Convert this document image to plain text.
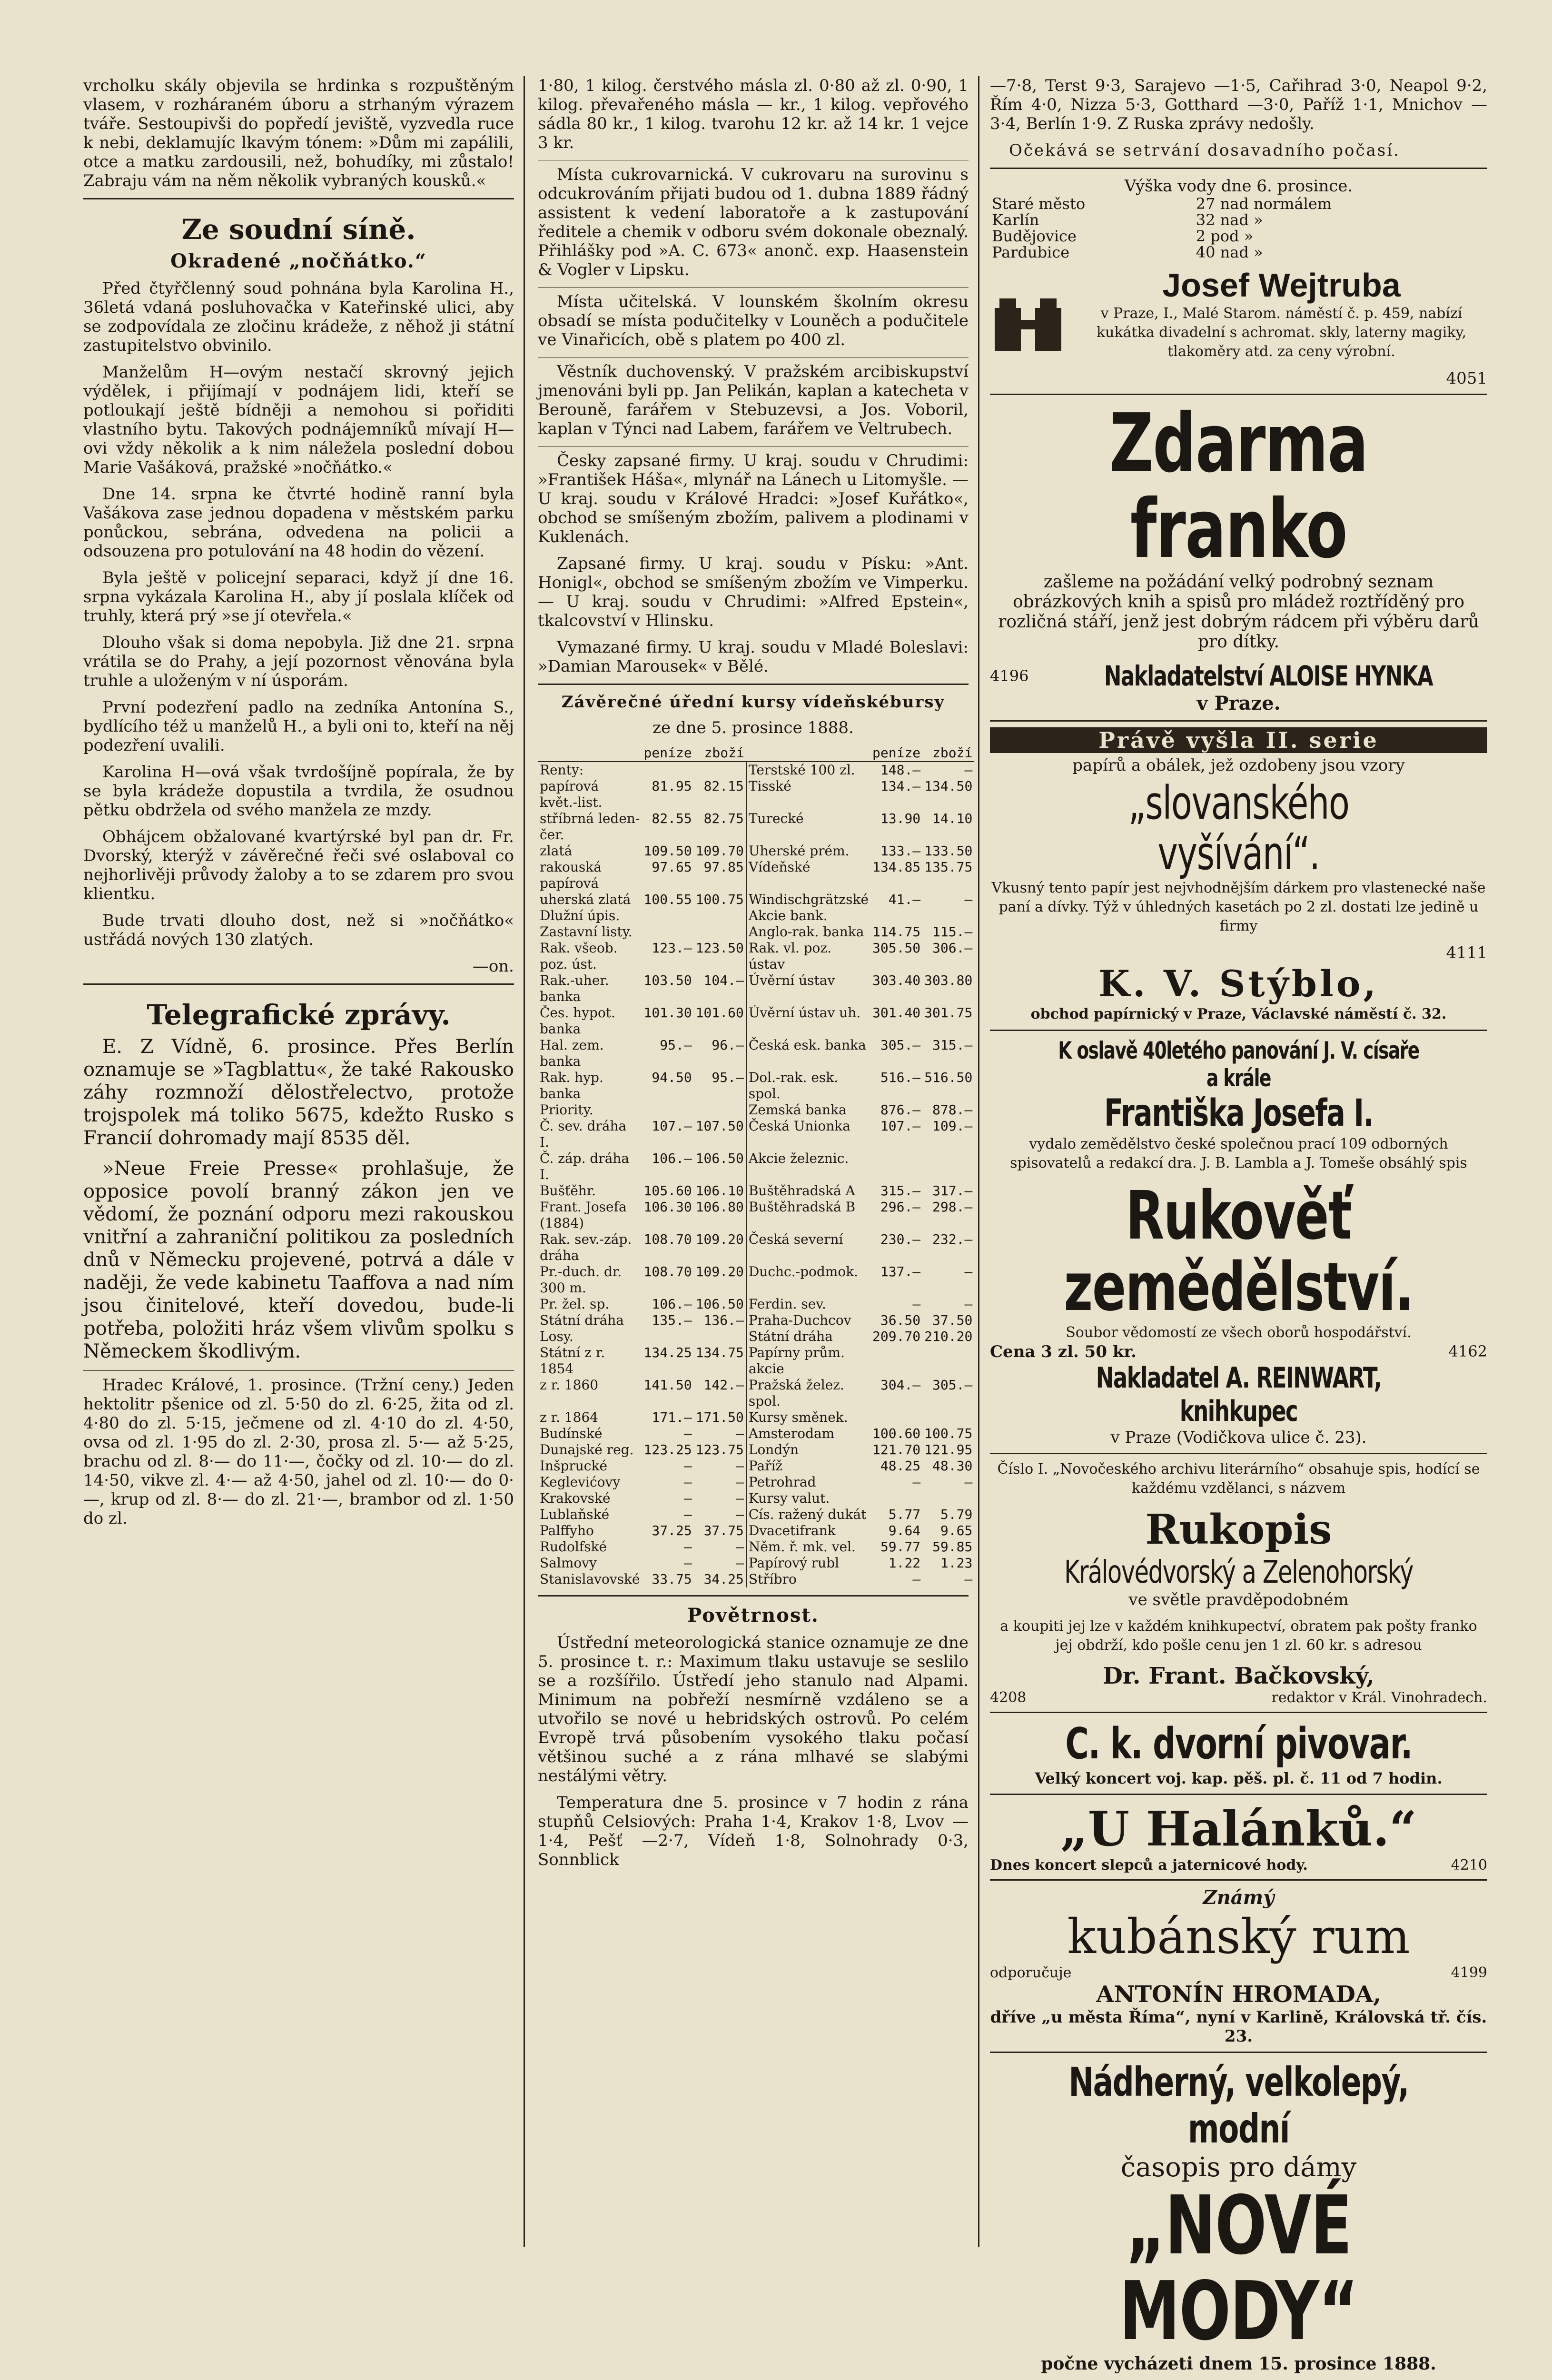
vrcholku skály objevila se hrdinka s rozpuštěným vlasem, v rozháraném úboru a strhaným výrazem tváře. Sestoupivši do popředí jeviště, vyzvedla ruce k nebi, deklamujíc lkavým tónem: »Dům mi zapálili, otce a matku zardousili, než, bohudíky, mi zůstalo! Zabraju vám na něm několik vybraných kousků.«

Ze soudní síně.
Okradené „nočňátko.“

Před čtyřčlenný soud pohnána byla Karolina H., 36letá vdaná posluhovačka v Kateřinské ulici, aby se zodpovídala ze zločinu krádeže, z něhož ji státní zastupitelstvo obvinilo.

Manželům H—ovým nestačí skrovný jejich výdělek, i přijímají v podnájem lidi, kteří se potloukají ještě bídněji a nemohou si pořiditi vlastního bytu. Takových podnájemníků mívají H—ovi vždy několik a k nim náležela poslední dobou Marie Vašáková, pražské »nočňátko.«

Dne 14. srpna ke čtvrté hodině ranní byla Vašákova zase jednou dopadena v městském parku ponůckou, sebrána, odvedena na policii a odsouzena pro potulování na 48 hodin do vězení.

Byla ještě v policejní separaci, když jí dne 16. srpna vykázala Karolina H., aby jí poslala klíček od truhly, která prý »se jí otevřela.«

Dlouho však si doma nepobyla. Již dne 21. srpna vrátila se do Prahy, a její pozornost věnována byla truhle a uloženým v ní úsporám.

První podezření padlo na zedníka Antonína S., bydlícího též u manželů H., a byli oni to, kteří na něj podezření uvalili.

Karolina H—ová však tvrdošíjně popírala, že by se byla krádeže dopustila a tvrdila, že osudnou pětku obdržela od svého manžela ze mzdy.

Obhájcem obžalované kvartýrské byl pan dr. Fr. Dvorský, kterýž v závěrečné řeči své oslaboval co nejhorlivěji průvody žaloby a to se zdarem pro svou klientku.

Bude trvati dlouho dost, než si »nočňátko« ustřádá nových 130 zlatých.

—on.

Telegrafické zprávy.

E. Z Vídně, 6. prosince. Přes Berlín oznamuje se »Tagblattu«, že také Rakousko záhy rozmnoží dělostřelectvo, protože trojspolek má toliko 5675, kdežto Rusko s Francií dohromady mají 8535 děl.

»Neue Freie Presse« prohlašuje, že opposice povolí branný zákon jen ve vědomí, že poznání odporu mezi rakouskou vnitřní a zahraniční politikou za posledních dnů v Německu projevené, potrvá a dále v naději, že vede kabinetu Taaffova a nad ním jsou činitelové, kteří dovedou, bude-li potřeba, položiti hráz všem vlivům spolku s Německem škodlivým.

Hradec Králové, 1. prosince. (Tržní ceny.) Jeden hektolitr pšenice od zl. 5·50 do zl. 6·25, žita od zl. 4·80 do zl. 5·15, ječmene od zl. 4·10 do zl. 4·50, ovsa od zl. 1·95 do zl. 2·30, prosa zl. 5·— až 5·25, brachu od zl. 8·— do 11·—, čočky od zl. 10·— do zl. 14·50, vikve zl. 4·— až 4·50, jahel od zl. 10·— do 0·—, krup od zl. 8·— do zl. 21·—, brambor od zl. 1·50 do zl.

1·80, 1 kilog. čerstvého másla zl. 0·80 až zl. 0·90, 1 kilog. převařeného másla — kr., 1 kilog. vepřového sádla 80 kr., 1 kilog. tvarohu 12 kr. až 14 kr. 1 vejce 3 kr.

Místa cukrovarnická. V cukrovaru na surovinu s odcukrováním přijati budou od 1. dubna 1889 řádný assistent k vedení laboratoře a k zastupování ředitele a chemik v odboru svém dokonale obeznalý. Přihlášky pod »A. C. 673« anonč. exp. Haasenstein & Vogler v Lipsku.

Místa učitelská. V lounském školním okresu obsadí se místa podučitelky v Louněch a podučitele ve Vinařicích, obě s platem po 400 zl.

Věstník duchovenský. V pražském arcibiskupství jmenováni byli pp. Jan Pelikán, kaplan a katecheta v Berouně, farářem v Stebuzevsi, a Jos. Voboril, kaplan v Týnci nad Labem, farářem ve Veltrubech.

Česky zapsané firmy. U kraj. soudu v Chrudimi: »František Háša«, mlynář na Lánech u Litomyšle. — U kraj. soudu v Králové Hradci: »Josef Kuřátko«, obchod se smíšeným zbožím, palivem a plodinami v Kuklenách.

Zapsané firmy. U kraj. soudu v Písku: »Ant. Honigl«, obchod se smíšeným zbožím ve Vimperku. — U kraj. soudu v Chrudimi: »Alfred Epstein«, tkalcovství v Hlinsku.

Vymazané firmy. U kraj. soudu v Mladé Boleslavi: »Damian Marousek« v Bělé.

Závěrečné úřední kursy vídeňskébursy

ze dne 5. prosince 1888.

	peníze	zboží		peníze	zboží
Renty:			Terstské 100 zl.	148.—	—
papírová květ.-list.	81.95	82.15	Tisské	134.—	134.50
stříbrná leden-čer.	82.55	82.75	Turecké	13.90	14.10
zlatá	109.50	109.70	Uherské prém.	133.—	133.50
rakouská papírová	97.65	97.85	Vídeňské	134.85	135.75
uherská zlatá	100.55	100.75	Windischgrätzské	41.—	—
Dlužní úpis.			Akcie bank.		
Zastavní listy.			Anglo-rak. banka	114.75	115.—
Rak. všeob. poz. úst.	123.—	123.50	Rak. vl. poz. ústav	305.50	306.—
Rak.-uher. banka	103.50	104.—	Úvěrní ústav	303.40	303.80
Čes. hypot. banka	101.30	101.60	Úvěrní ústav uh.	301.40	301.75
Hal. zem. banka	95.—	96.—	Česká esk. banka	305.—	315.—
Rak. hyp. banka	94.50	95.—	Dol.-rak. esk. spol.	516.—	516.50
Priority.			Zemská banka	876.—	878.—
Č. sev. dráha I.	107.—	107.50	Česká Unionka	107.—	109.—
Č. záp. dráha I.	106.—	106.50	Akcie železnic.		
Bušťěhr.	105.60	106.10	Buštěhradská A	315.—	317.—
Frant. Josefa (1884)	106.30	106.80	Buštěhradská B	296.—	298.—
Rak. sev.-záp. dráha	108.70	109.20	Česká severní	230.—	232.—
Pr.-duch. dr. 300 m.	108.70	109.20	Duchc.-podmok.	137.—	—
Pr. žel. sp.	106.—	106.50	Ferdin. sev.	—	—
Státní dráha	135.—	136.—	Praha-Duchcov	36.50	37.50
Losy.			Státní dráha	209.70	210.20
Státní z r. 1854	134.25	134.75	Papírny prům. akcie		
z r. 1860	141.50	142.—	Pražská želez. spol.	304.—	305.—
z r. 1864	171.—	171.50	Kursy směnek.		
Budínské	—	—	Amsterodam	100.60	100.75
Dunajské reg.	123.25	123.75	Londýn	121.70	121.95
Inšprucké	—	—	Paříž	48.25	48.30
Keglevićovy	—	—	Petrohrad	—	—
Krakovské	—	—	Kursy valut.		
Lublaňské	—	—	Cís. ražený dukát	5.77	5.79
Palffyho	37.25	37.75	Dvacetifrank	9.64	9.65
Rudolfské	—	—	Něm. ř. mk. vel.	59.77	59.85
Salmovy	—	—	Papírový rubl	1.22	1.23
Stanislavovské	33.75	34.25	Stříbro	—	—
Povětrnost.

Ústřední meteorologická stanice oznamuje ze dne 5. prosince t. r.: Maximum tlaku ustavuje se seslilo se a rozšířilo. Ústředí jeho stanulo nad Alpami. Minimum na pobřeží nesmírně vzdáleno se a utvořilo se nové u hebridských ostrovů. Po celém Evropě trvá působením vysokého tlaku počasí většinou suché a z rána mlhavé se slabými nestálými větry.

Temperatura dne 5. prosince v 7 hodin z rána stupňů Celsiových: Praha 1·4, Krakov 1·8, Lvov —1·4, Pešť —2·7, Vídeň 1·8, Solnohrady 0·3, Sonnblick

—7·8, Terst 9·3, Sarajevo —1·5, Cařihrad 3·0, Neapol 9·2, Řím 4·0, Nizza 5·3, Gotthard —3·0, Paříž 1·1, Mnichov —3·4, Berlín 1·9. Z Ruska zprávy nedošly.

Očekává se setrvání dosavadního počasí.

Výška vody dne 6. prosince.

Staré město	27 nad normálem
Karlín	32 nad »
Budějovice	2 pod »
Pardubice	40 nad »
Josef Wejtruba

v Praze, I., Malé Starom. náměstí č. p. 459, nabízí kukátka divadelní s achromat. skly, laterny magiky, tlakoměry atd. za ceny výrobní.

4051

Zdarma franko

zašleme na požádání velký podrobný seznam obrázkových knih a spisů pro mládež roztříděný pro rozličná stáří, jenž jest dobrým rádcem při výběru darů pro dítky.

4196	Nakladatelství ALOISE HYNKA
v Praze.
Právě vyšla II. serie

papírů a obálek, jež ozdobeny jsou vzory

„slovanského vyšívání“.

Vkusný tento papír jest nejvhodnějším dárkem pro vlastenecké naše paní a dívky. Týž v úhledných kasetách po 2 zl. dostati lze jedině u firmy

4111

K. V. Stýblo,

obchod papírnický v Praze, Václavské náměstí č. 32.

K oslavě 40letého panování J. V. císaře a krále Františka Josefa I.

vydalo zemědělstvo české společnou prací 109 odborných spisovatelů a redakcí dra. J. B. Lambla a J. Tomeše obsáhlý spis

Rukověť zemědělství.

Soubor vědomostí ze všech oborů hospodářství.

Cena 3 zl. 50 kr.	4162
Nakladatel A. REINWART, knihkupec

v Praze (Vodičkova ulice č. 23).

Číslo I. „Novočeského archivu literárního“ obsahuje spis, hodící se každému vzdělanci, s názvem

Rukopis
Královédvorský a Zelenohorský

ve světle pravděpodobném

a koupiti jej lze v každém knihkupectví, obratem pak pošty franko jej obdrží, kdo pošle cenu jen 1 zl. 60 kr. s adresou

Dr. Frant. Bačkovský,
4208	redaktor v Král. Vinohradech.
C. k. dvorní pivovar.

Velký koncert voj. kap. pěš. pl. č. 11 od 7 hodin.

„U Halánků.“
Dnes koncert slepců a jaternicové hody.	4210
Známý
kubánský rum
odporučuje	4199
ANTONÍN HROMADA,

dříve „u města Říma“, nyní v Karlině, Královská tř. čís. 23.

Nádherný, velkolepý, modní
časopis pro dámy
„NOVÉ MODY“

počne vycházeti dnem 15. prosince 1888.
